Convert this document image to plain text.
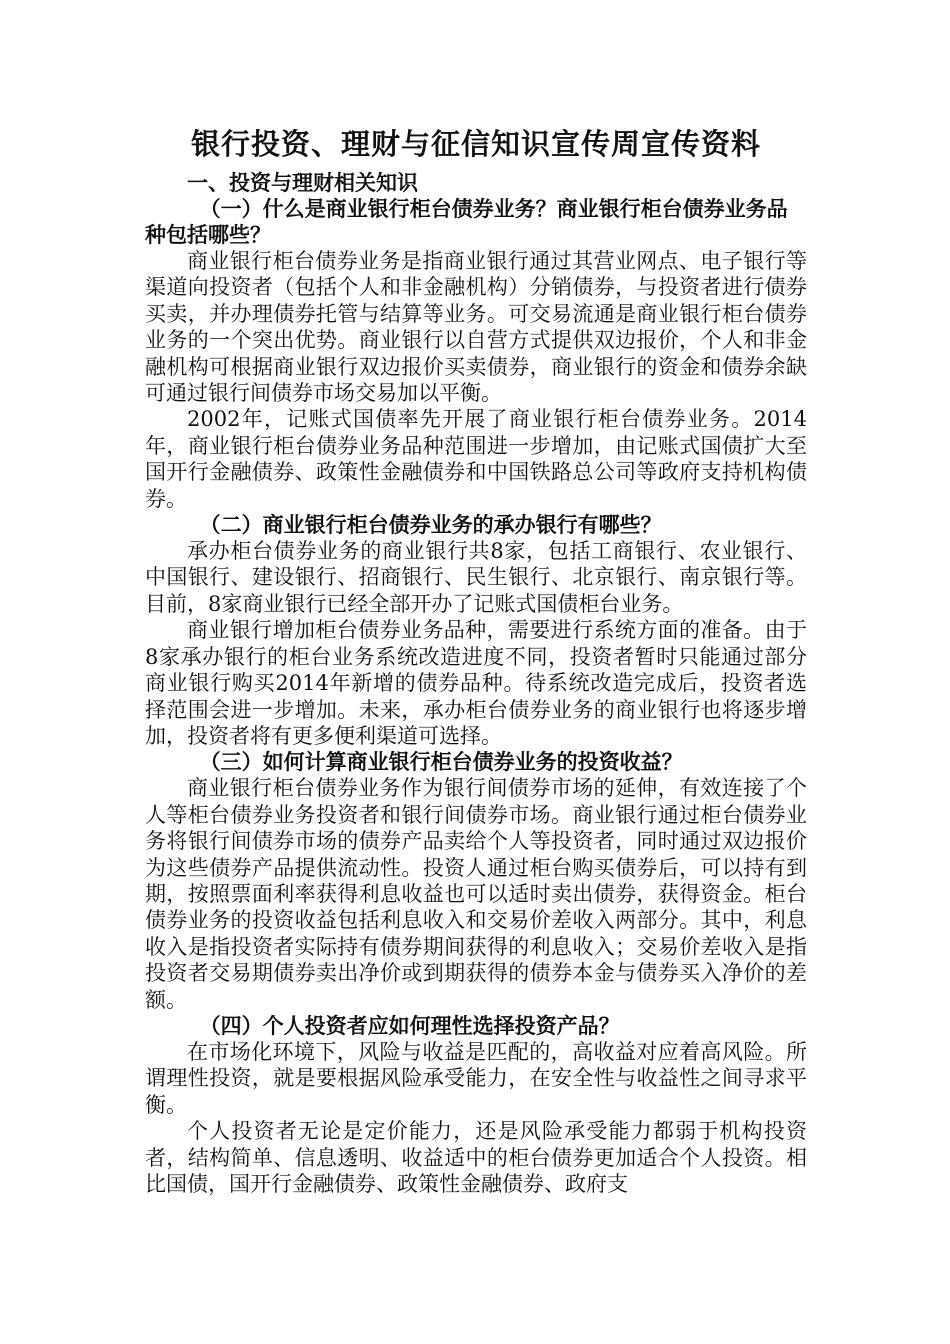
银行投资、理财与征信知识宣传周宣传资料
一、投资与理财相关知识
（一）什么是商业银行柜台债券业务？商业银行柜台债券业务品种包括哪些？
商业银行柜台债券业务是指商业银行通过其营业网点、电子银行等渠道向投资者（包括个人和非金融机构）分销债券，与投资者进行债券买卖，并办理债券托管与结算等业务。可交易流通是商业银行柜台债券业务的一个突出优势。商业银行以自营方式提供双边报价，个人和非金融机构可根据商业银行双边报价买卖债券，商业银行的资金和债券余缺可通过银行间债券市场交易加以平衡。
2002年，记账式国债率先开展了商业银行柜台债券业务。2014年，商业银行柜台债券业务品种范围进一步增加，由记账式国债扩大至国开行金融债券、政策性金融债券和中国铁路总公司等政府支持机构债券。
（二）商业银行柜台债券业务的承办银行有哪些？
承办柜台债券业务的商业银行共8家，包括工商银行、农业银行、中国银行、建设银行、招商银行、民生银行、北京银行、南京银行等。目前，8家商业银行已经全部开办了记账式国债柜台业务。
商业银行增加柜台债券业务品种，需要进行系统方面的准备。由于8家承办银行的柜台业务系统改造进度不同，投资者暂时只能通过部分商业银行购买2014年新增的债券品种。待系统改造完成后，投资者选择范围会进一步增加。未来，承办柜台债券业务的商业银行也将逐步增加，投资者将有更多便利渠道可选择。
（三）如何计算商业银行柜台债券业务的投资收益？
商业银行柜台债券业务作为银行间债券市场的延伸，有效连接了个人等柜台债券业务投资者和银行间债券市场。商业银行通过柜台债券业务将银行间债券市场的债券产品卖给个人等投资者，同时通过双边报价为这些债券产品提供流动性。投资人通过柜台购买债券后，可以持有到期，按照票面利率获得利息收益也可以适时卖出债券，获得资金。柜台债券业务的投资收益包括利息收入和交易价差收入两部分。其中，利息收入是指投资者实际持有债券期间获得的利息收入；交易价差收入是指投资者交易期债券卖出净价或到期获得的债券本金与债券买入净价的差额。
（四）个人投资者应如何理性选择投资产品？
在市场化环境下，风险与收益是匹配的，高收益对应着高风险。所谓理性投资，就是要根据风险承受能力，在安全性与收益性之间寻求平衡。
个人投资者无论是定价能力，还是风险承受能力都弱于机构投资者，结构简单、信息透明、收益适中的柜台债券更加适合个人投资。相比国债，国开行金融债券、政策性金融债券、政府支
